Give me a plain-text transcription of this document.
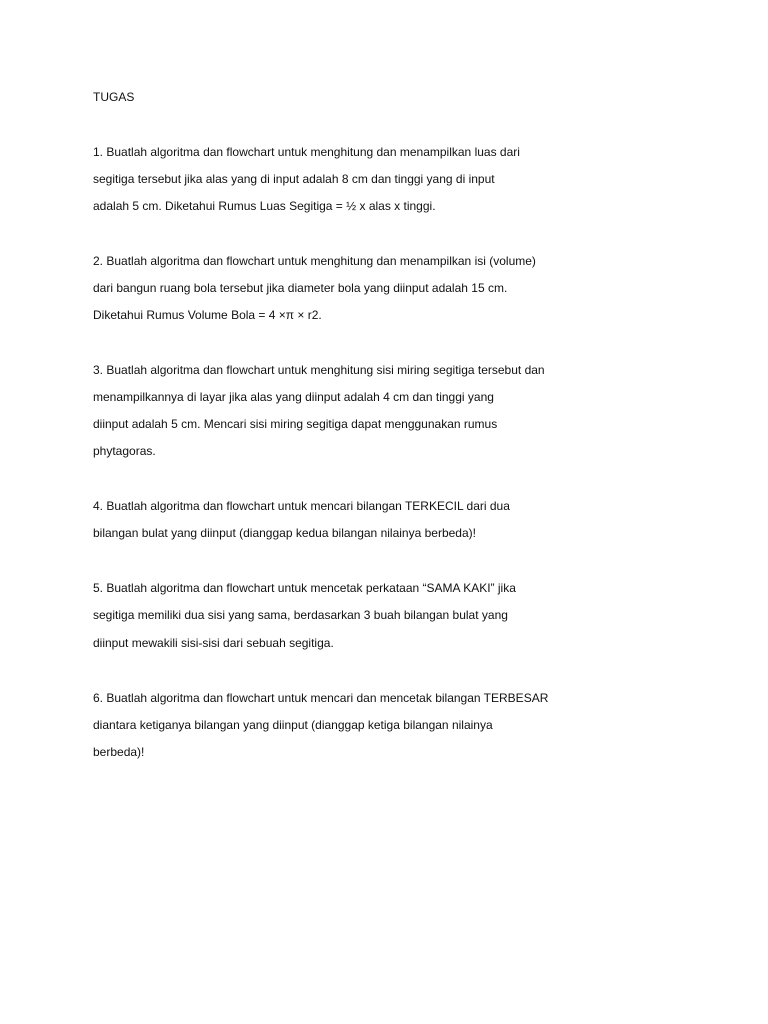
TUGAS
1. Buatlah algoritma dan flowchart untuk menghitung dan menampilkan luas dari
segitiga tersebut jika alas yang di input adalah 8 cm dan tinggi yang di input
adalah 5 cm. Diketahui Rumus Luas Segitiga = ½ x alas x tinggi.
2. Buatlah algoritma dan flowchart untuk menghitung dan menampilkan isi (volume)
dari bangun ruang bola tersebut jika diameter bola yang diinput adalah 15 cm.
Diketahui Rumus Volume Bola = 4 ×π × r2.
3. Buatlah algoritma dan flowchart untuk menghitung sisi miring segitiga tersebut dan
menampilkannya di layar jika alas yang diinput adalah 4 cm dan tinggi yang
diinput adalah 5 cm. Mencari sisi miring segitiga dapat menggunakan rumus
phytagoras.
4. Buatlah algoritma dan flowchart untuk mencari bilangan TERKECIL dari dua
bilangan bulat yang diinput (dianggap kedua bilangan nilainya berbeda)!
5. Buatlah algoritma dan flowchart untuk mencetak perkataan “SAMA KAKI” jika
segitiga memiliki dua sisi yang sama, berdasarkan 3 buah bilangan bulat yang
diinput mewakili sisi-sisi dari sebuah segitiga.
6. Buatlah algoritma dan flowchart untuk mencari dan mencetak bilangan TERBESAR
diantara ketiganya bilangan yang diinput (dianggap ketiga bilangan nilainya
berbeda)!
